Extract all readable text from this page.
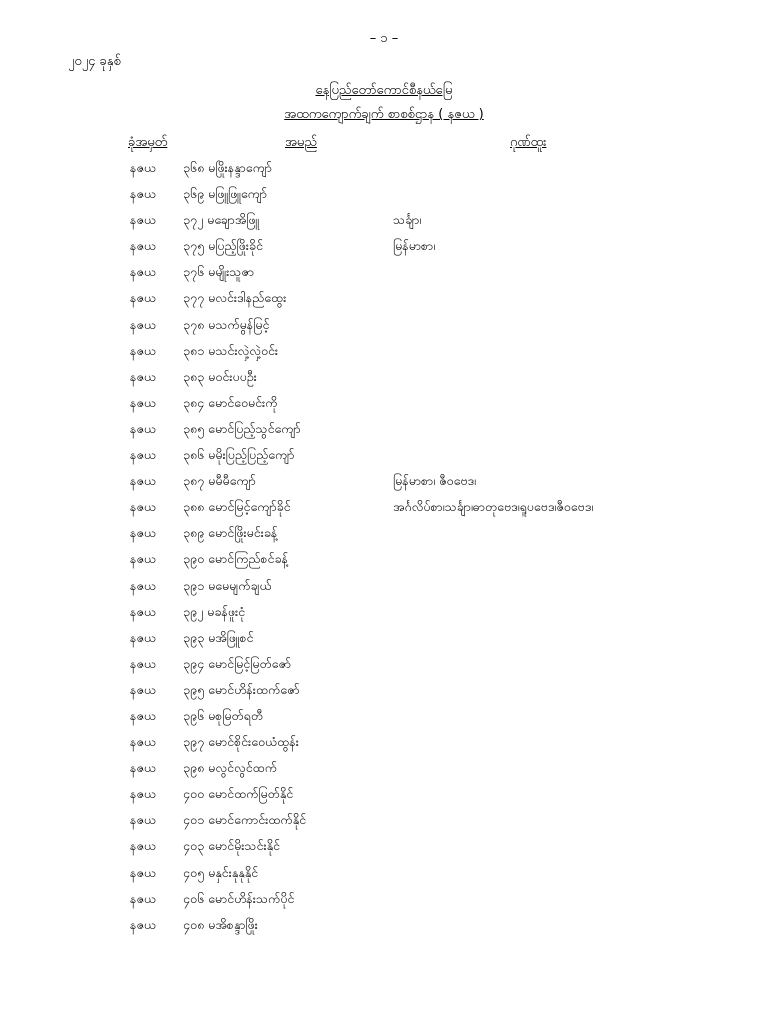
– ၁ –
၂၀၂၄ ခုနှစ်
နေပြည်တော်ကောင်စီနယ်မြေ
အထကကျောက်ချက် စာစစ်ဌာန ( နဇယ )
ခုံအမှတ်	အမည်	ဂုဏ်ထူး
နဇယ ၃၆၈ မဖြိုးနန္ဒာကျော်
နဇယ ၃၆၉ မဖြူဖြူကျော်
နဇယ ၃၇၂ မချောအိဖြူ	သင်္ချာ၊
နဇယ ၃၇၅ မပြည့်ဖြိုးခိုင်	မြန်မာစာ၊
နဇယ ၃၇၆ မမျိုးသူဇာ
နဇယ ၃၇၇ မလင်းဒါနည်ထွေး
နဇယ ၃၇၈ မသက်မွန်မြင့်
နဇယ ၃၈၁ မသင်းလှဲ့လှဲ့ဝင်း
နဇယ ၃၈၃ မဝင်းပပဦး
နဇယ ၃၈၄ မောင်ဝေမင်းကို
နဇယ ၃၈၅ မောင်ပြည့်သွင်ကျော်
နဇယ ၃၈၆ မမိုးပြည့်ပြည့်ကျော်
နဇယ ၃၈၇ မမီမီကျော်	မြန်မာစာ၊ ဇီဝဗေဒ၊
နဇယ ၃၈၈ မောင်မြင့်ကျော်ခိုင်	အင်္ဂလိပ်စာ၊သင်္ချာ၊ဓာတုဗေဒ၊ရူပဗေဒ၊ဇီဝဗေဒ၊
နဇယ ၃၈၉ မောင်ဖြိုးမင်းခန့်
နဇယ ၃၉၀ မောင်ကြည်စင်ခန့်
နဇယ ၃၉၁ မမေမျက်ချယ်
နဇယ ၃၉၂ မခန်ဖူးငုံ
နဇယ ၃၉၃ မအိဖြူစင်
နဇယ ၃၉၄ မောင်မြင့်မြတ်ဇော်
နဇယ ၃၉၅ မောင်ဟိန်းထက်ဇော်
နဇယ ၃၉၆ မစုမြတ်ရတီ
နဇယ ၃၉၇ မောင်စိုင်းဝေယံထွန်း
နဇယ ၃၉၈ မလွင်လွင်ထက်
နဇယ ၄၀၀ မောင်ထက်မြတ်နိုင်
နဇယ ၄၀၁ မောင်ကောင်းထက်နိုင်
နဇယ ၄၀၃ မောင်မိုးသင်းနိုင်
နဇယ ၄၀၅ မနှင်းနုနုနိုင်
နဇယ ၄၀၆ မောင်ဟိန်းသက်ပိုင်
နဇယ ၄၀၈ မအိစန္ဒာဖြိုး
